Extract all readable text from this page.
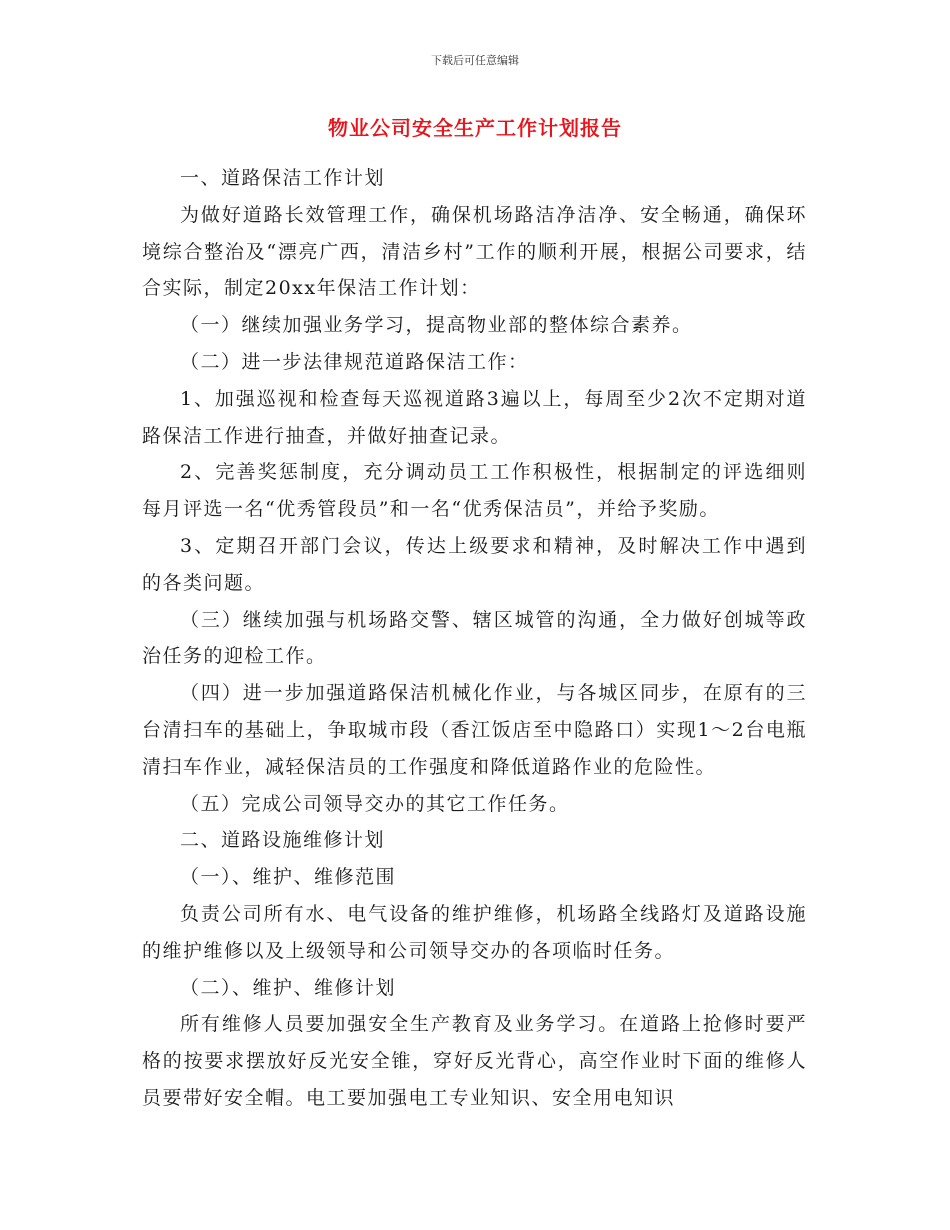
下载后可任意编辑
物业公司安全生产工作计划报告

一、道路保洁工作计划

为做好道路长效管理工作，确保机场路洁净洁净、安全畅通，确保环境综合整治及“漂亮广西，清洁乡村”工作的顺利开展，根据公司要求，结合实际，制定20xx年保洁工作计划：

（一）继续加强业务学习，提高物业部的整体综合素养。

（二）进一步法律规范道路保洁工作：

1、加强巡视和检查每天巡视道路3遍以上，每周至少2次不定期对道路保洁工作进行抽查，并做好抽查记录。

2、完善奖惩制度，充分调动员工工作积极性，根据制定的评选细则每月评选一名“优秀管段员”和一名“优秀保洁员”，并给予奖励。

3、定期召开部门会议，传达上级要求和精神，及时解决工作中遇到的各类问题。

（三）继续加强与机场路交警、辖区城管的沟通，全力做好创城等政治任务的迎检工作。

（四）进一步加强道路保洁机械化作业，与各城区同步，在原有的三台清扫车的基础上，争取城市段（香江饭店至中隐路口）实现1～2台电瓶清扫车作业，减轻保洁员的工作强度和降低道路作业的危险性。

（五）完成公司领导交办的其它工作任务。

二、道路设施维修计划

（一）、维护、维修范围

负责公司所有水、电气设备的维护维修，机场路全线路灯及道路设施的维护维修以及上级领导和公司领导交办的各项临时任务。

（二）、维护、维修计划

所有维修人员要加强安全生产教育及业务学习。在道路上抢修时要严格的按要求摆放好反光安全锥，穿好反光背心，高空作业时下面的维修人员要带好安全帽。电工要加强电工专业知识、安全用电知识
